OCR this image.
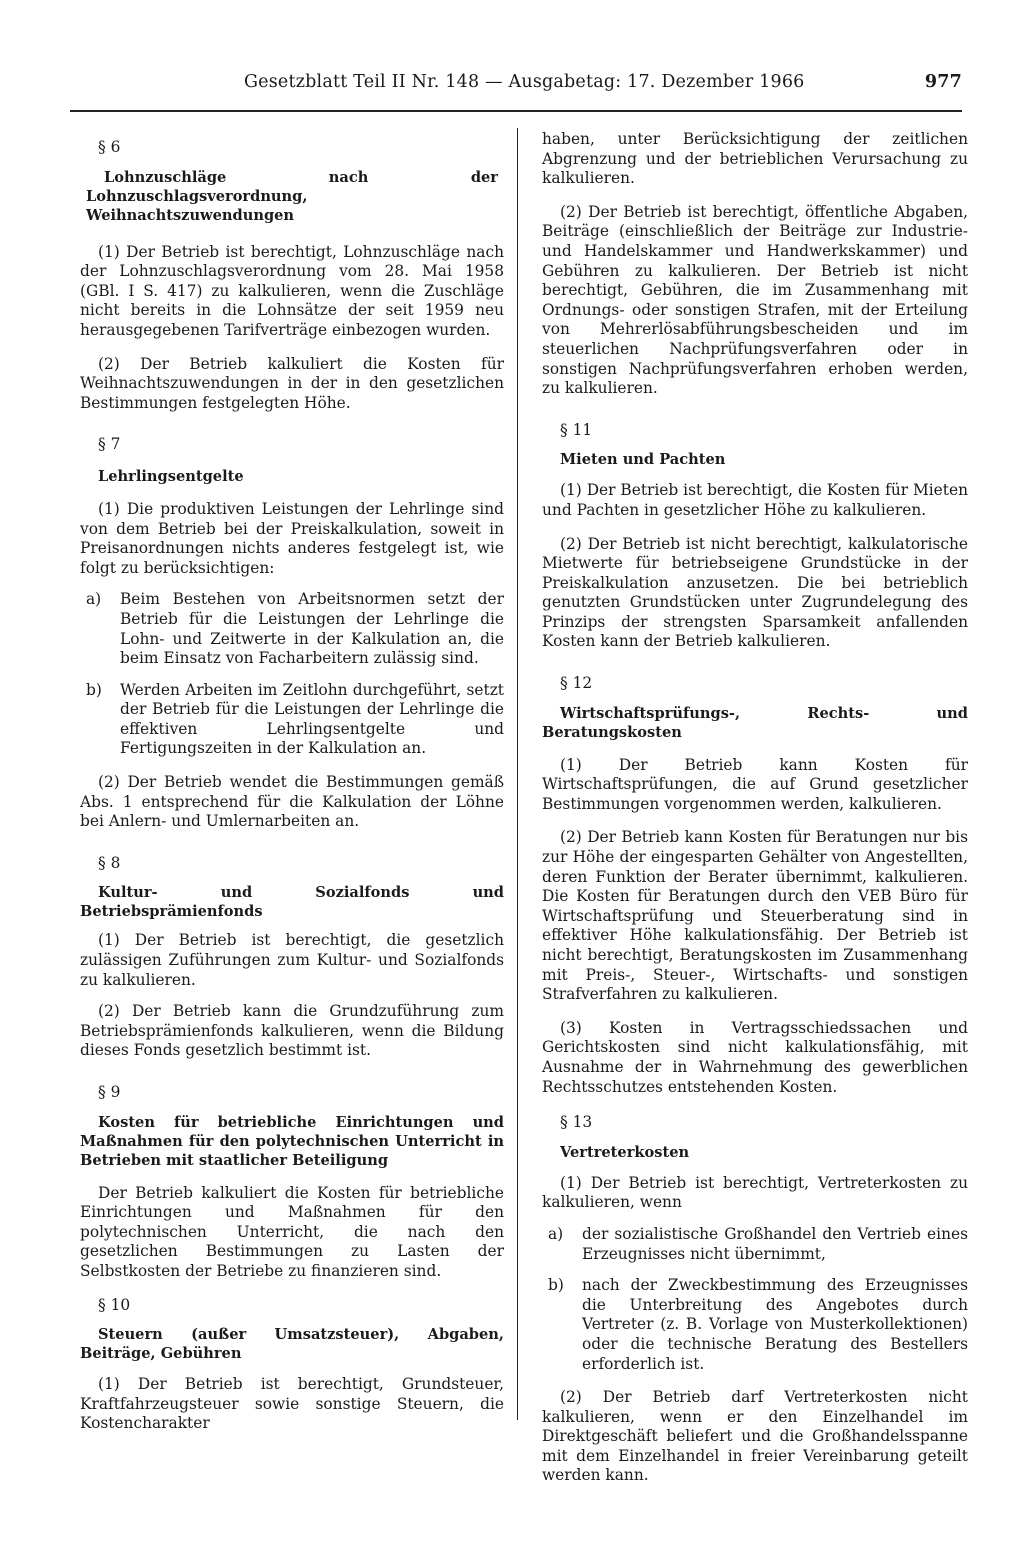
Gesetzblatt Teil II Nr. 148 — Ausgabetag: 17. Dezember 1966	977

§ 6

Lohnzuschläge nach der Lohnzuschlagsverordnung, Weihnachtszuwendungen

(1) Der Betrieb ist berechtigt, Lohnzuschläge nach der Lohnzuschlagsverordnung vom 28. Mai 1958 (GBl. I S. 417) zu kalkulieren, wenn die Zuschläge nicht bereits in die Lohnsätze der seit 1959 neu herausgegebenen Tarifverträge einbezogen wurden.

(2) Der Betrieb kalkuliert die Kosten für Weihnachtszuwendungen in der in den gesetzlichen Bestimmungen festgelegten Höhe.

§ 7

Lehrlingsentgelte

(1) Die produktiven Leistungen der Lehrlinge sind von dem Betrieb bei der Preiskalkulation, soweit in Preisanordnungen nichts anderes festgelegt ist, wie folgt zu berücksichtigen:

a)	Beim Bestehen von Arbeitsnormen setzt der Betrieb für die Leistungen der Lehrlinge die Lohn- und Zeitwerte in der Kalkulation an, die beim Einsatz von Facharbeitern zulässig sind.
b)	Werden Arbeiten im Zeitlohn durchgeführt, setzt der Betrieb für die Leistungen der Lehrlinge die effektiven Lehrlingsentgelte und Fertigungszeiten in der Kalkulation an.

(2) Der Betrieb wendet die Bestimmungen gemäß Abs. 1 entsprechend für die Kalkulation der Löhne bei Anlern- und Umlernarbeiten an.

§ 8

Kultur- und Sozialfonds und Betriebsprämienfonds

(1) Der Betrieb ist berechtigt, die gesetzlich zulässigen Zuführungen zum Kultur- und Sozialfonds zu kalkulieren.

(2) Der Betrieb kann die Grundzuführung zum Betriebsprämienfonds kalkulieren, wenn die Bildung dieses Fonds gesetzlich bestimmt ist.

§ 9

Kosten für betriebliche Einrichtungen und Maßnahmen für den polytechnischen Unterricht in Betrieben mit staatlicher Beteiligung

Der Betrieb kalkuliert die Kosten für betriebliche Einrichtungen und Maßnahmen für den polytechnischen Unterricht, die nach den gesetzlichen Bestimmungen zu Lasten der Selbstkosten der Betriebe zu finanzieren sind.

§ 10

Steuern (außer Umsatzsteuer), Abgaben, Beiträge, Gebühren

(1) Der Betrieb ist berechtigt, Grundsteuer, Kraftfahrzeugsteuer sowie sonstige Steuern, die Kostencharakter

haben, unter Berücksichtigung der zeitlichen Abgrenzung und der betrieblichen Verursachung zu kalkulieren.

(2) Der Betrieb ist berechtigt, öffentliche Abgaben, Beiträge (einschließlich der Beiträge zur Industrie- und Handelskammer und Handwerkskammer) und Gebühren zu kalkulieren. Der Betrieb ist nicht berechtigt, Gebühren, die im Zusammenhang mit Ordnungs- oder sonstigen Strafen, mit der Erteilung von Mehrerlösabführungsbescheiden und im steuerlichen Nachprüfungsverfahren oder in sonstigen Nachprüfungsverfahren erhoben werden, zu kalkulieren.

§ 11

Mieten und Pachten

(1) Der Betrieb ist berechtigt, die Kosten für Mieten und Pachten in gesetzlicher Höhe zu kalkulieren.

(2) Der Betrieb ist nicht berechtigt, kalkulatorische Mietwerte für betriebseigene Grundstücke in der Preiskalkulation anzusetzen. Die bei betrieblich genutzten Grundstücken unter Zugrundelegung des Prinzips der strengsten Sparsamkeit anfallenden Kosten kann der Betrieb kalkulieren.

§ 12

Wirtschaftsprüfungs-, Rechts- und Beratungskosten

(1) Der Betrieb kann Kosten für Wirtschaftsprüfungen, die auf Grund gesetzlicher Bestimmungen vorgenommen werden, kalkulieren.

(2) Der Betrieb kann Kosten für Beratungen nur bis zur Höhe der eingesparten Gehälter von Angestellten, deren Funktion der Berater übernimmt, kalkulieren. Die Kosten für Beratungen durch den VEB Büro für Wirtschaftsprüfung und Steuerberatung sind in effektiver Höhe kalkulationsfähig. Der Betrieb ist nicht berechtigt, Beratungskosten im Zusammenhang mit Preis-, Steuer-, Wirtschafts- und sonstigen Strafverfahren zu kalkulieren.

(3) Kosten in Vertragsschiedssachen und Gerichtskosten sind nicht kalkulationsfähig, mit Ausnahme der in Wahrnehmung des gewerblichen Rechtsschutzes entstehenden Kosten.

§ 13

Vertreterkosten

(1) Der Betrieb ist berechtigt, Vertreterkosten zu kalkulieren, wenn

a)	der sozialistische Großhandel den Vertrieb eines Erzeugnisses nicht übernimmt,
b)	nach der Zweckbestimmung des Erzeugnisses die Unterbreitung des Angebotes durch Vertreter (z. B. Vorlage von Musterkollektionen) oder die technische Beratung des Bestellers erforderlich ist.

(2) Der Betrieb darf Vertreterkosten nicht kalkulieren, wenn er den Einzelhandel im Direktgeschäft beliefert und die Großhandelsspanne mit dem Einzelhandel in freier Vereinbarung geteilt werden kann.
